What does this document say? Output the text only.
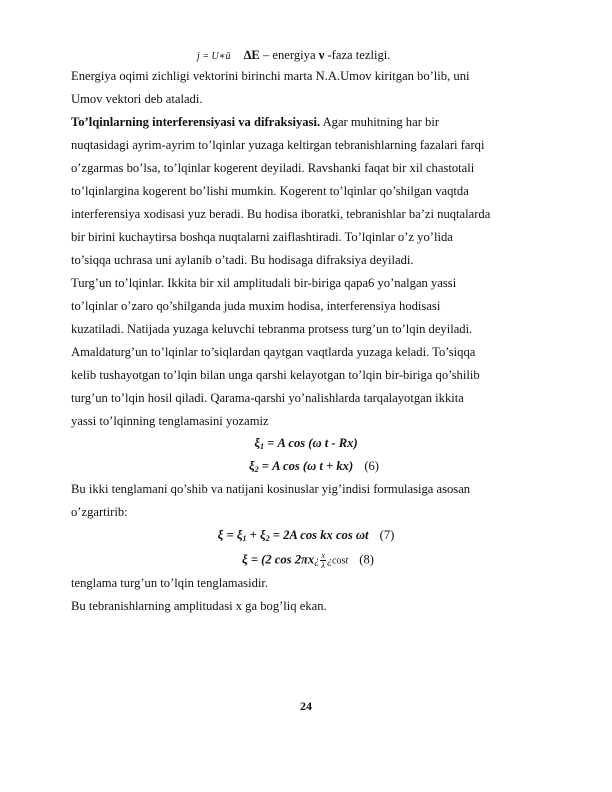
j = U∗ū ∆E – energiya ν -faza tezligi.
Energiya oqimi zichligi vektorini birinchi marta N.A.Umov kiritgan bo’lib, uni
Umov vektori deb ataladi.
To’lqinlarning interferensiyasi va difraksiyasi. Agar muhitning har bir
nuqtasidagi ayrim-ayrim to’lqinlar yuzaga keltirgan tebranishlarning fazalari farqi
o’zgarmas bo’lsa, to’lqinlar kogerent deyiladi. Ravshanki faqat bir xil chastotali
to’lqinlargina kogerent bo’lishi mumkin. Kogerent to’lqinlar qo’shilgan vaqtda
interferensiya xodisasi yuz beradi. Bu hodisa iboratki, tebranishlar ba’zi nuqtalarda
bir birini kuchaytirsa boshqa nuqtalarni zaiflashtiradi. To’lqinlar o’z yo’lida
to’siqqa uchrasa uni aylanib o’tadi. Bu hodisaga difraksiya deyiladi.
Turg’un to’lqinlar. Ikkita bir xil amplitudali bir-biriga qapa6 yo’nalgan yassi
to’lqinlar o’zaro qo’shilganda juda muxim hodisa, interferensiya hodisasi
kuzatiladi. Natijada yuzaga keluvchi tebranma protsess turg’un to’lqin deyiladi.
Amaldaturg’un to’lqinlar to’siqlardan qaytgan vaqtlarda yuzaga keladi. To’siqqa
kelib tushayotgan to’lqin bilan unga qarshi kelayotgan to’lqin bir-biriga qo’shilib
turg’un to’lqin hosil qiladi. Qarama-qarshi yo’nalishlarda tarqalayotgan ikkita
yassi to’lqinning tenglamasini yozamiz
$\xi_1 = A$ cos (ω t - Rx)
$\xi_2 = A$ cos (ω t + kx) (6)
Bu ikki tenglamani qo’shib va natijani kosinuslar yig’indisi formulasiga asosan
o’zgartirib:
$\xi = \xi_1 + \xi_2 = 2A$ cos kx cos ωt (7)
ξ = (2 cos 2πx¿ $\frac{x}{\lambda}$ ¿cost (8)
tenglama turg’un to’lqin tenglamasidir.
Bu tebranishlarning amplitudasi x ga bog’liq ekan.
24
